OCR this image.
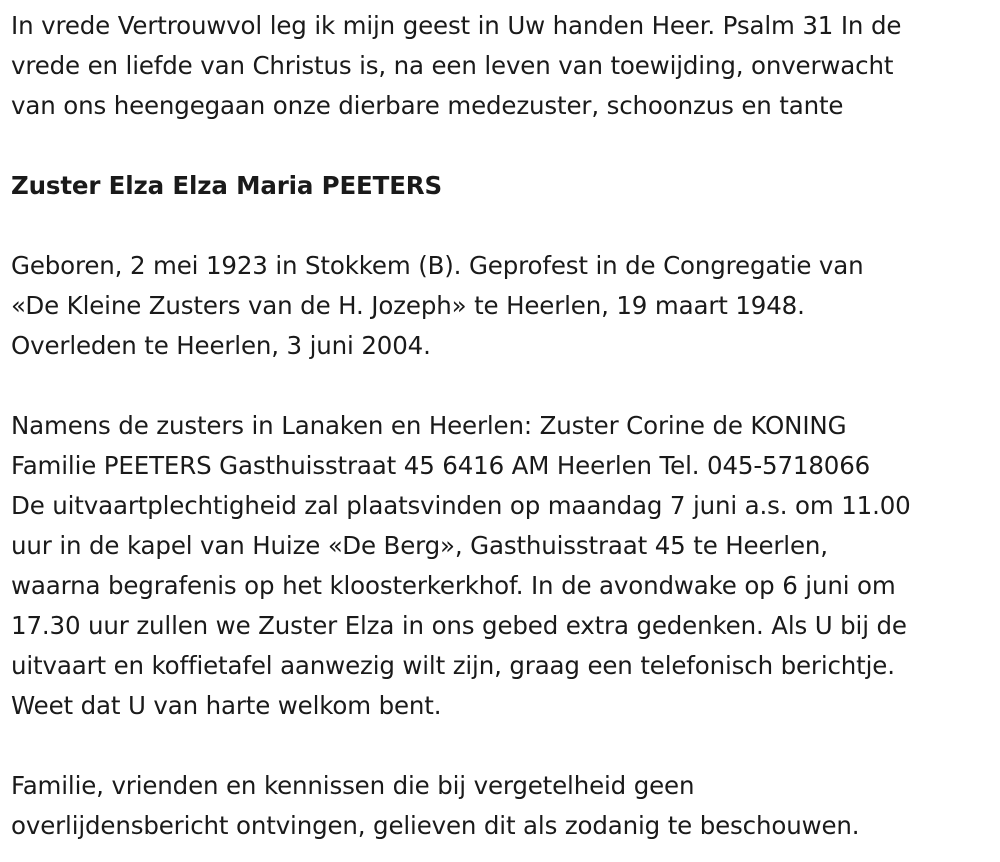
In vrede Vertrouwvol leg ik mijn geest in Uw handen Heer. Psalm 31 In de
vrede en liefde van Christus is, na een leven van toewijding, onverwacht
van ons heengegaan onze dierbare medezuster, schoonzus en tante
Zuster Elza Elza Maria PEETERS
Geboren, 2 mei 1923 in Stokkem (B). Geprofest in de Congregatie van
«De Kleine Zusters van de H. Jozeph» te Heerlen, 19 maart 1948.
Overleden te Heerlen, 3 juni 2004.
Namens de zusters in Lanaken en Heerlen: Zuster Corine de KONING
Familie PEETERS Gasthuisstraat 45 6416 AM Heerlen Tel. 045-5718066
De uitvaartplechtigheid zal plaatsvinden op maandag 7 juni a.s. om 11.00
uur in de kapel van Huize «De Berg», Gasthuisstraat 45 te Heerlen,
waarna begrafenis op het kloosterkerkhof. In de avondwake op 6 juni om
17.30 uur zullen we Zuster Elza in ons gebed extra gedenken. Als U bij de
uitvaart en koffietafel aanwezig wilt zijn, graag een telefonisch berichtje.
Weet dat U van harte welkom bent.
Familie, vrienden en kennissen die bij vergetelheid geen
overlijdensbericht ontvingen, gelieven dit als zodanig te beschouwen.
